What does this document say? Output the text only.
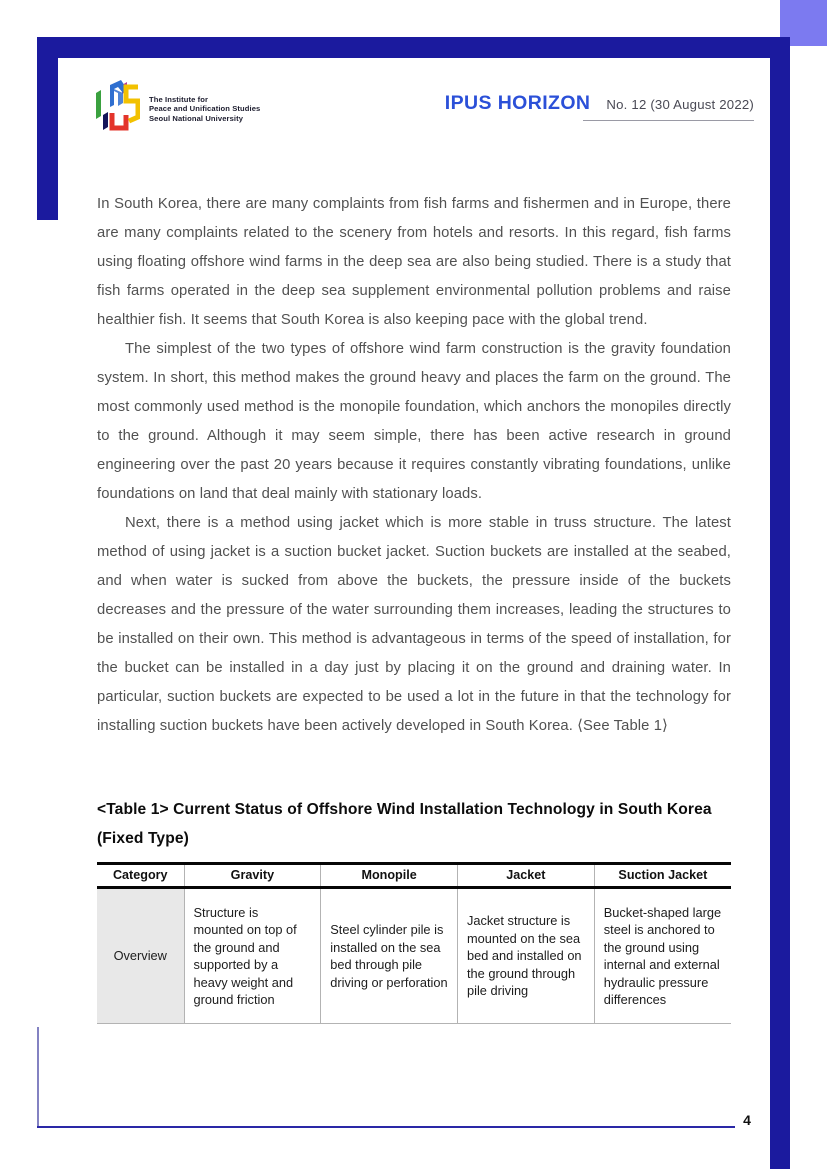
The Institute for
Peace and Unification Studies
Seoul National University
IPUS HORIZON No. 12 (30 August 2022)

In South Korea, there are many complaints from fish farms and fishermen and in Europe, there are many complaints related to the scenery from hotels and resorts. In this regard, fish farms using floating offshore wind farms in the deep sea are also being studied. There is a study that fish farms operated in the deep sea supplement environmental pollution problems and raise healthier fish. It seems that South Korea is also keeping pace with the global trend.

The simplest of the two types of offshore wind farm construction is the gravity foundation system. In short, this method makes the ground heavy and places the farm on the ground. The most commonly used method is the monopile foundation, which anchors the monopiles directly to the ground. Although it may seem simple, there has been active research in ground engineering over the past 20 years because it requires constantly vibrating foundations, unlike foundations on land that deal mainly with stationary loads.

Next, there is a method using jacket which is more stable in truss structure. The latest method of using jacket is a suction bucket jacket. Suction buckets are installed at the seabed, and when water is sucked from above the buckets, the pressure inside of the buckets decreases and the pressure of the water surrounding them increases, leading the structures to be installed on their own. This method is advantageous in terms of the speed of installation, for the bucket can be installed in a day just by placing it on the ground and draining water. In particular, suction buckets are expected to be used a lot in the future in that the technology for installing suction buckets have been actively developed in South Korea. ⟨See Table 1⟩

<Table 1> Current Status of Offshore Wind Installation Technology in South Korea (Fixed Type)
Category	Gravity	Monopile	Jacket	Suction Jacket
Overview	Structure is mounted on top of the ground and supported by a heavy weight and ground friction	Steel cylinder pile is installed on the sea bed through pile driving or perforation	Jacket structure is mounted on the sea bed and installed on the ground through pile driving	Bucket-shaped large steel is anchored to the ground using internal and external hydraulic pressure differences
4
